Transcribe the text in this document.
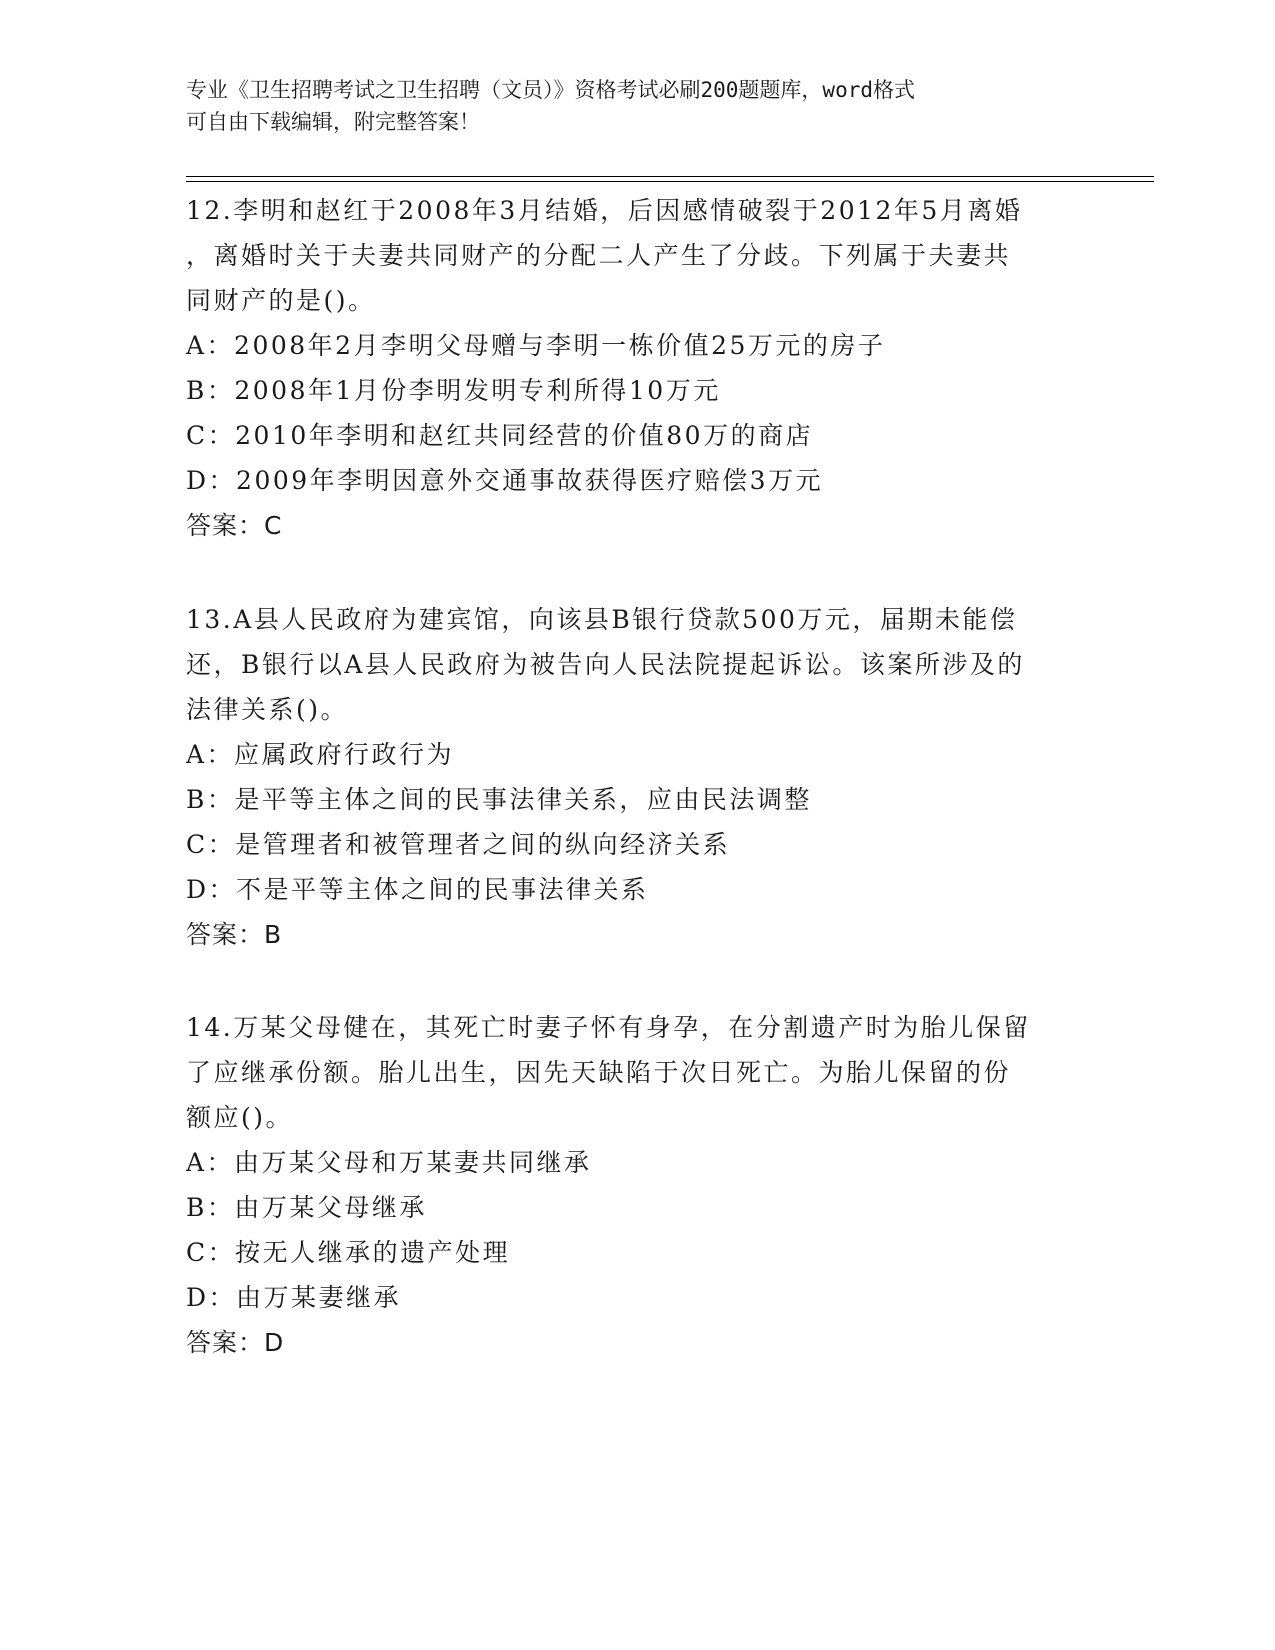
专业《卫生招聘考试之卫生招聘（文员）》资格考试必刷200题题库，word格式
可自由下载编辑，附完整答案！
12.李明和赵红于2008年3月结婚，后因感情破裂于2012年5月离婚
，离婚时关于夫妻共同财产的分配二人产生了分歧。下列属于夫妻共
同财产的是()。
A：2008年2月李明父母赠与李明一栋价值25万元的房子
B：2008年1月份李明发明专利所得10万元
C：2010年李明和赵红共同经营的价值80万的商店
D：2009年李明因意外交通事故获得医疗赔偿3万元
答案：C
13.A县人民政府为建宾馆，向该县B银行贷款500万元，届期未能偿
还，B银行以A县人民政府为被告向人民法院提起诉讼。该案所涉及的
法律关系()。
A：应属政府行政行为
B：是平等主体之间的民事法律关系，应由民法调整
C：是管理者和被管理者之间的纵向经济关系
D：不是平等主体之间的民事法律关系
答案：B
14.万某父母健在，其死亡时妻子怀有身孕，在分割遗产时为胎儿保留
了应继承份额。胎儿出生，因先天缺陷于次日死亡。为胎儿保留的份
额应()。
A：由万某父母和万某妻共同继承
B：由万某父母继承
C：按无人继承的遗产处理
D：由万某妻继承
答案：D
